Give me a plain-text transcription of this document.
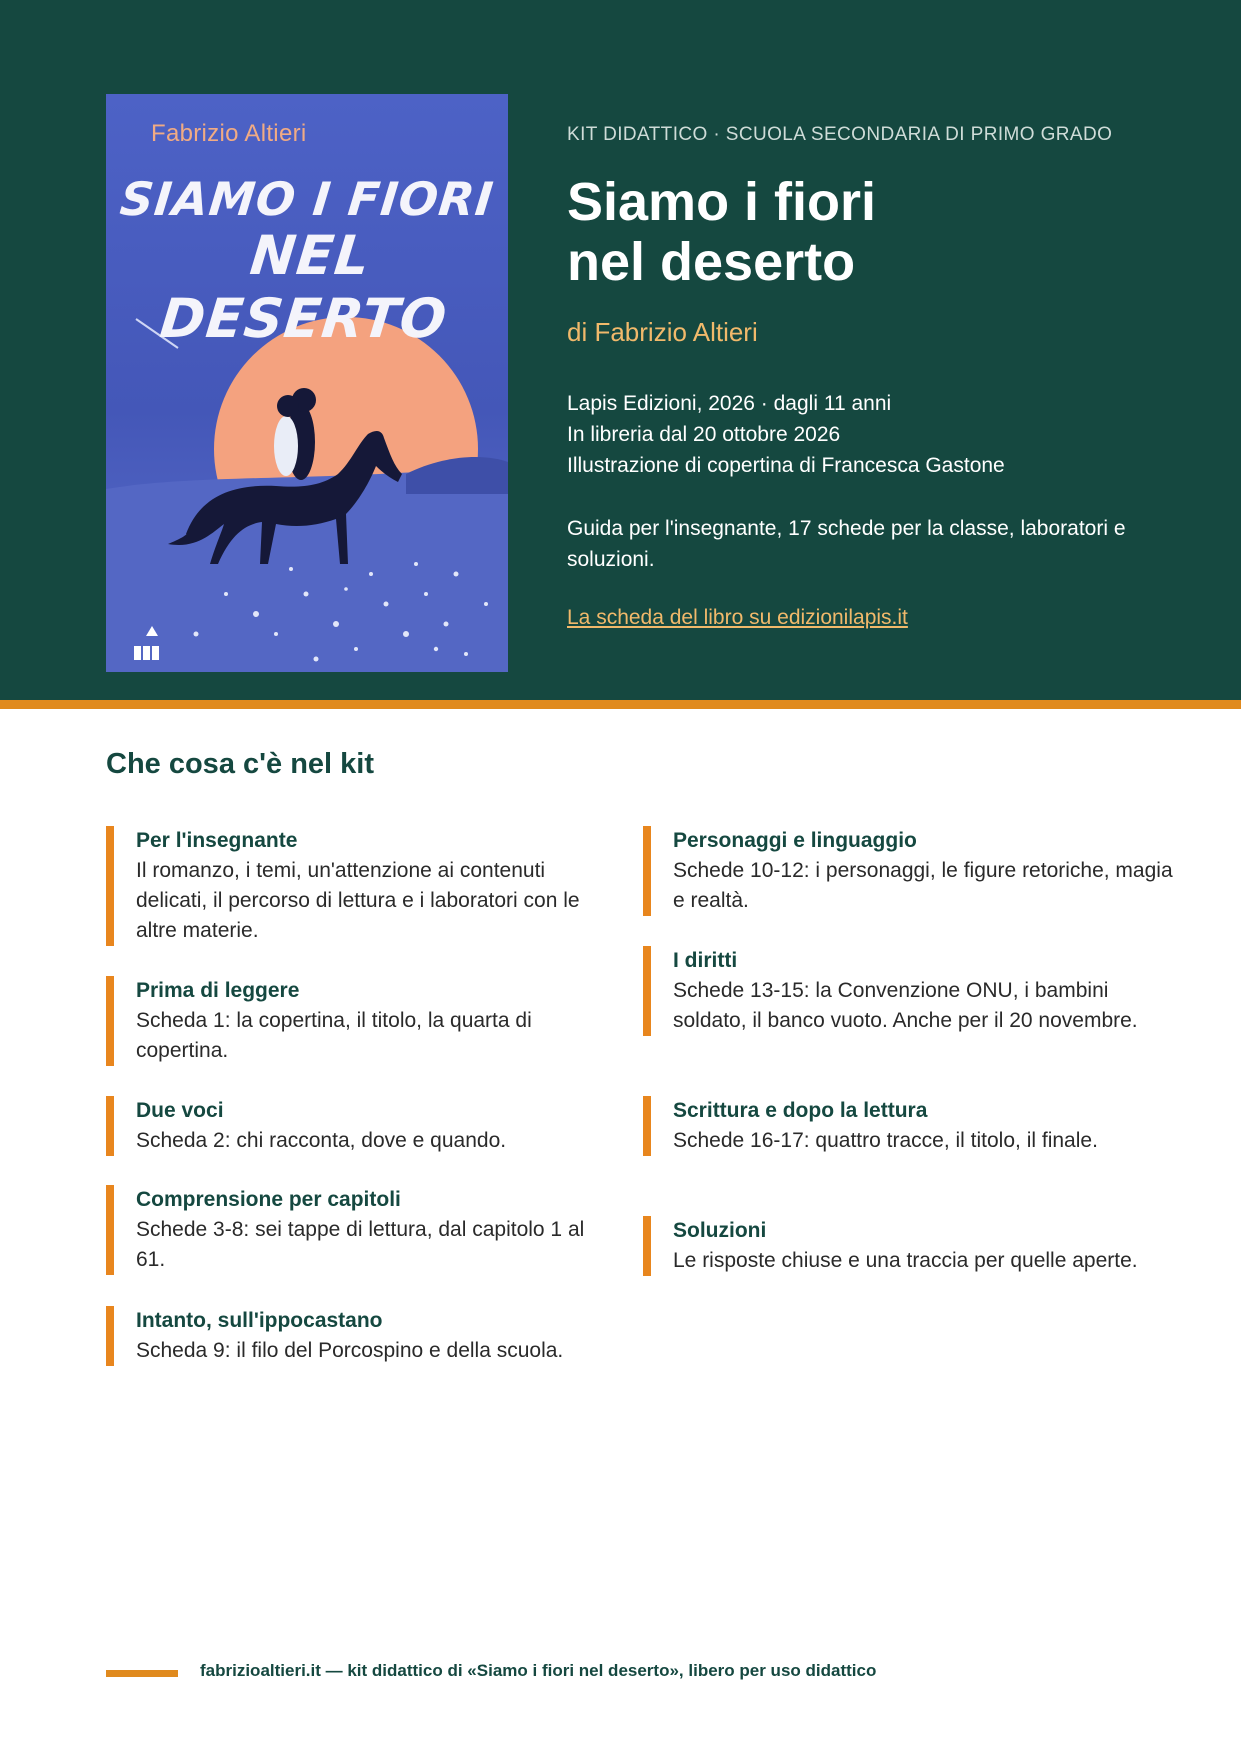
Fabrizio Altieri
SIAMO I FIORI
NEL DESERTO
KIT DIDATTICO · SCUOLA SECONDARIA DI PRIMO GRADO
Siamo i fiori
nel deserto
di Fabrizio Altieri
Lapis Edizioni, 2026 · dagli 11 anni
In libreria dal 20 ottobre 2026
Illustrazione di copertina di Francesca Gastone
Guida per l'insegnante, 17 schede per la classe, laboratori e soluzioni.
La scheda del libro su edizionilapis.it
Che cosa c'è nel kit
Per l'insegnante
Il romanzo, i temi, un'attenzione ai contenuti delicati, il percorso di lettura e i laboratori con le altre materie.
Prima di leggere
Scheda 1: la copertina, il titolo, la quarta di copertina.
Due voci
Scheda 2: chi racconta, dove e quando.
Comprensione per capitoli
Schede 3-8: sei tappe di lettura, dal capitolo 1 al 61.
Intanto, sull'ippocastano
Scheda 9: il filo del Porcospino e della scuola.
Personaggi e linguaggio
Schede 10-12: i personaggi, le figure retoriche, magia e realtà.
I diritti
Schede 13-15: la Convenzione ONU, i bambini soldato, il banco vuoto. Anche per il 20 novembre.
Scrittura e dopo la lettura
Schede 16-17: quattro tracce, il titolo, il finale.
Soluzioni
Le risposte chiuse e una traccia per quelle aperte.
fabrizioaltieri.it — kit didattico di «Siamo i fiori nel deserto», libero per uso didattico
